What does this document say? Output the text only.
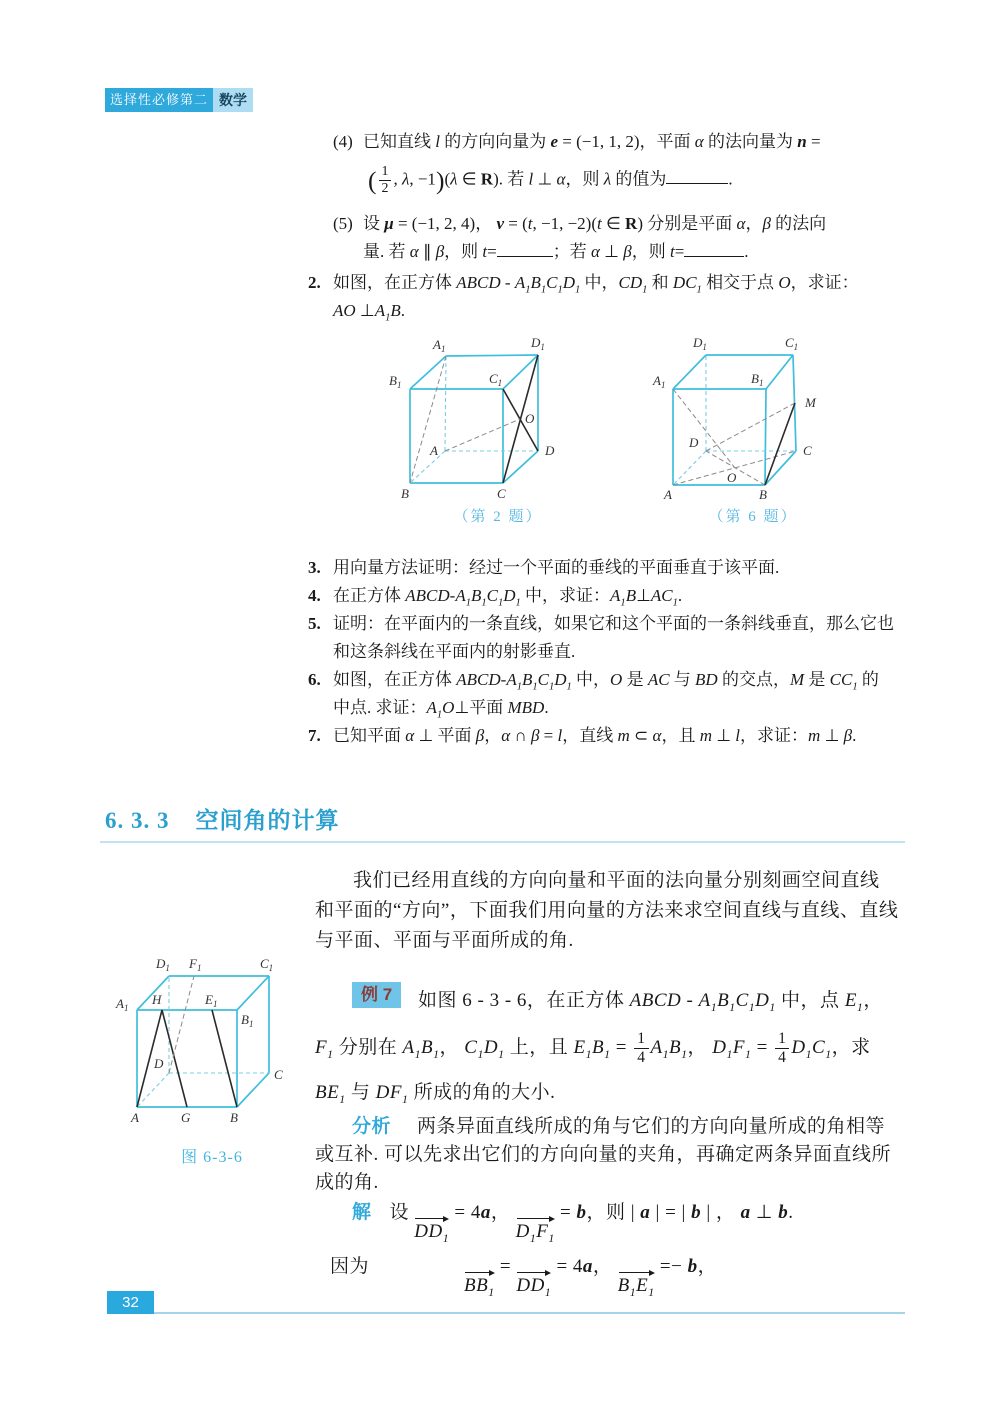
选择性必修第二册
数学
(4) 已知直线 l 的方向向量为 e = (−1, 1, 2)，平面 α 的法向量为 n =
( $\frac{1}{2}$ , λ, −1)(λ ∈ R). 若 l ⊥ α，则 λ 的值为	.
(5) 设 μ = (−1, 2, 4)， v = (t, −1, −2)(t ∈ R) 分别是平面 α，β 的法向
量. 若 α ∥ β，则 t=	；若 α ⊥ β，则 t=	.
2. 如图，在正方体 ABCD - $A_1B_1C_1D_1$ 中，$CD_1$ 和 $DC_1$ 相交于点 O，求证：
AO $\perp A_1B$.
$A_1$	$D_1$
$B_1$	$C_1$
O
A	D
B	C
（第 2 题）
$D_1$	$C_1$
$A_1$	$B_1$
M
D
C
O
A	B
（第 6 题）
3. 用向量方法证明：经过一个平面的垂线的平面垂直于该平面.
4. 在正方体 ABCD-$A_1B_1C_1D_1$ 中，求证：$A_1B\perp AC_1$.
5. 证明：在平面内的一条直线，如果它和这个平面的一条斜线垂直，那么它也
和这条斜线在平面内的射影垂直.
6. 如图，在正方体 ABCD-$A_1B_1C_1D_1$ 中，O 是 AC 与 BD 的交点，M 是 $CC_1$ 的
中点. 求证：$A_1O\perp$平面 MBD.
7. 已知平面 α ⊥ 平面 β，α ∩ β = l，直线 m ⊂ α，且 m ⊥ l，求证：m ⊥ β.
6. 3. 3 空间角的计算
我们已经用直线的方向向量和平面的法向量分别刻画空间直线
和平面的“方向”，下面我们用向量的方法来求空间直线与直线、直线
与平面、平面与平面所成的角.
$D_1$ $F_1$	$C_1$
$A_1$
H	$E_1$
$B_1$
D
C
A	G	B
图 6-3-6
例 7	如图 6 - 3 - 6，在正方体 ABCD - $A_1B_1C_1D_1$ 中，点 $E_1$，
$F_1$ 分别在 $A_1B_1$， $C_1D_1$ 上，且 $E_1B_1 = \frac{1}{4} A_1B_1$， $D_1F_1 = \frac{1}{4} D_1C_1$，求
$BE_1$ 与 $DF_1$ 所成的角的大小.
分析 两条异面直线所成的角与它们的方向向量所成的角相等
或互补. 可以先求出它们的方向向量的夹角，再确定两条异面直线所
成的角.
解 设
$DD_1$
= 4a，
$D_1F_1$
= b，则 | a | = | b | ， a ⊥ b.
因为
$BB_1$
=
$DD_1$
= 4a，
$B_1E_1$
=− b，
32
